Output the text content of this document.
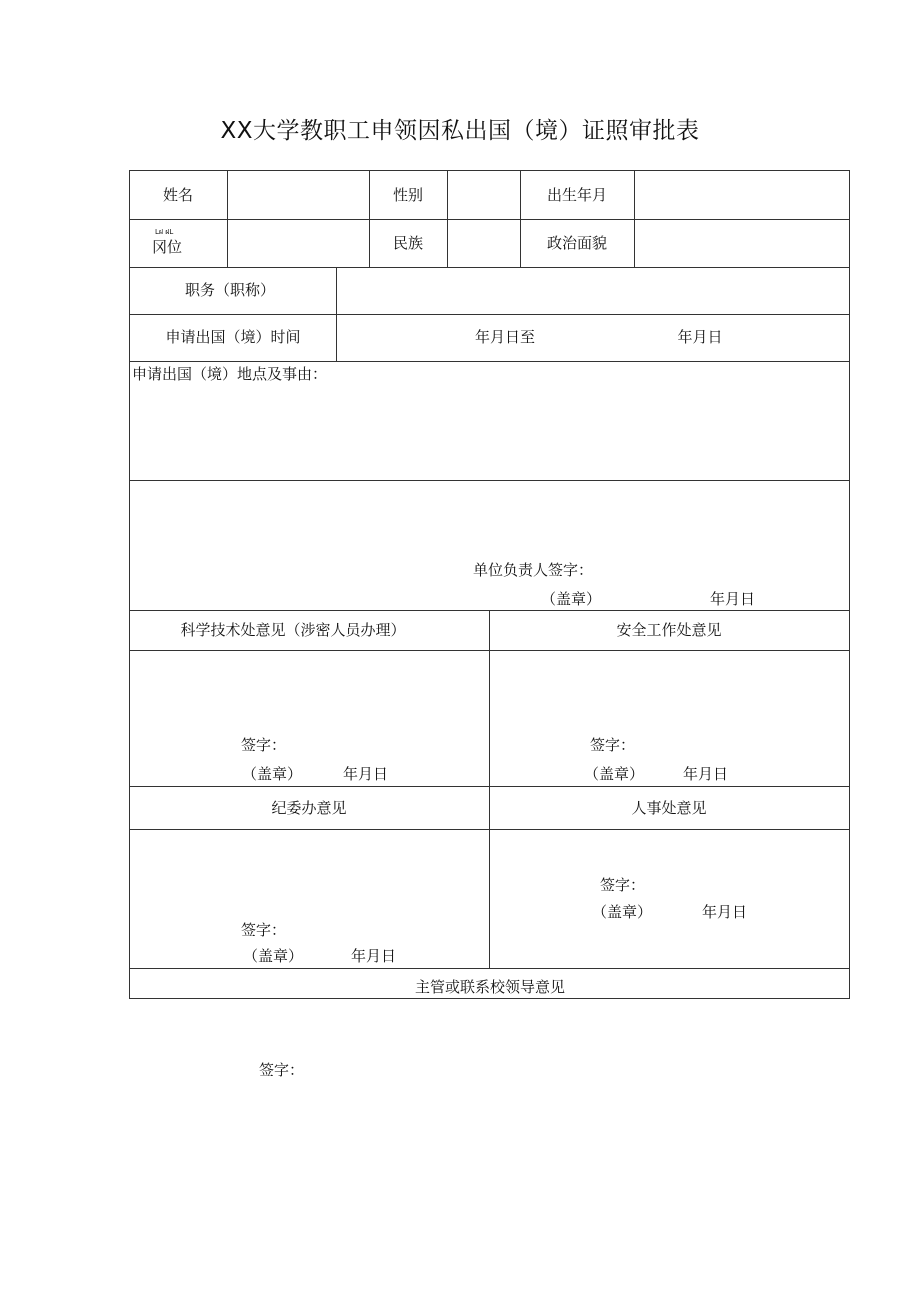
XX大学教职工申领因私出国（境）证照审批表
姓名	性别	出生年月
Lฝ ฝL
冈位	民族	政治面貌
职务（职称）
申请出国（境）时间	年月日至	年月日
申请出国（境）地点及事由：
单位负责人签字：
（盖章）	年月日
科学技术处意见（涉密人员办理）	安全工作处意见
签字：
（盖章）	年月日
签字：
（盖章）	年月日
纪委办意见	人事处意见
签字：
（盖章）	年月日
签字：
（盖章）	年月日
主管或联系校领导意见
签字：
